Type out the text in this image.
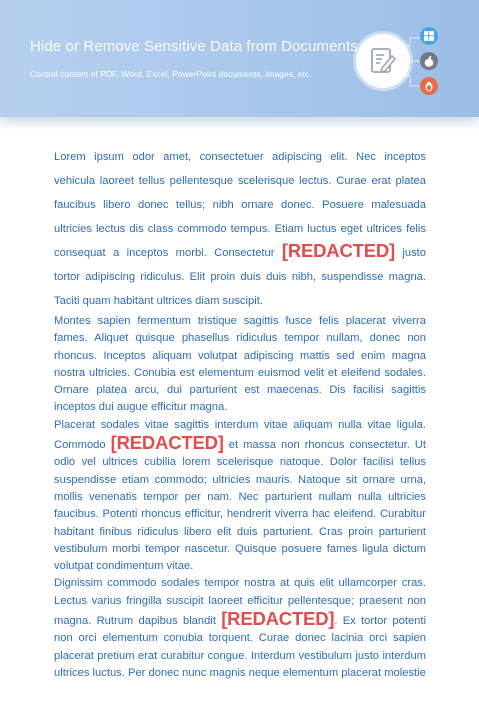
Hide or Remove Sensitive Data from Documents
Control content of PDF, Word, Excel, PowerPoint documents, images, etc.

Lorem ipsum odor amet, consectetuer adipiscing elit. Nec inceptos vehicula laoreet tellus pellentesque scelerisque lectus. Curae erat platea faucibus libero donec tellus; nibh ornare donec. Posuere malesuada ultricies lectus dis class commodo tempus. Etiam luctus eget ultrices felis consequat a inceptos morbi. Consectetur [REDACTED] justo tortor adipiscing ridiculus. Elit proin duis duis nibh, suspendisse magna. Taciti quam habitant ultrices diam suscipit.

Montes sapien fermentum tristique sagittis fusce felis placerat viverra fames. Aliquet quisque phasellus ridiculus tempor nullam, donec non rhoncus. Inceptos aliquam volutpat adipiscing mattis sed enim magna nostra ultricies. Conubia est elementum euismod velit et eleifend sodales. Ornare platea arcu, dui parturient est maecenas. Dis facilisi sagittis inceptos dui augue efficitur magna.

Placerat sodales vitae sagittis interdum vitae aliquam nulla vitae ligula. Commodo [REDACTED] et massa non rhoncus consectetur. Ut odio vel ultrices cubilia lorem scelerisque natoque. Dolor facilisi tellus suspendisse etiam commodo; ultricies mauris. Natoque sit ornare urna, mollis venenatis tempor per nam. Nec parturient nullam nulla ultricies faucibus. Potenti rhoncus efficitur, hendrerit viverra hac eleifend. Curabitur habitant finibus ridiculus libero elit duis parturient. Cras proin parturient vestibulum morbi tempor nascetur. Quisque posuere fames ligula dictum volutpat condimentum vitae.

Dignissim commodo sodales tempor nostra at quis elit ullamcorper cras. Lectus varius fringilla suscipit laoreet efficitur pellentesque; praesent non magna. Rutrum dapibus blandit [REDACTED]. Ex tortor potenti non orci elementum conubia torquent. Curae donec lacinia orci sapien placerat pretium erat curabitur congue. Interdum vestibulum justo interdum ultrices luctus. Per donec nunc magnis neque elementum placerat molestie
